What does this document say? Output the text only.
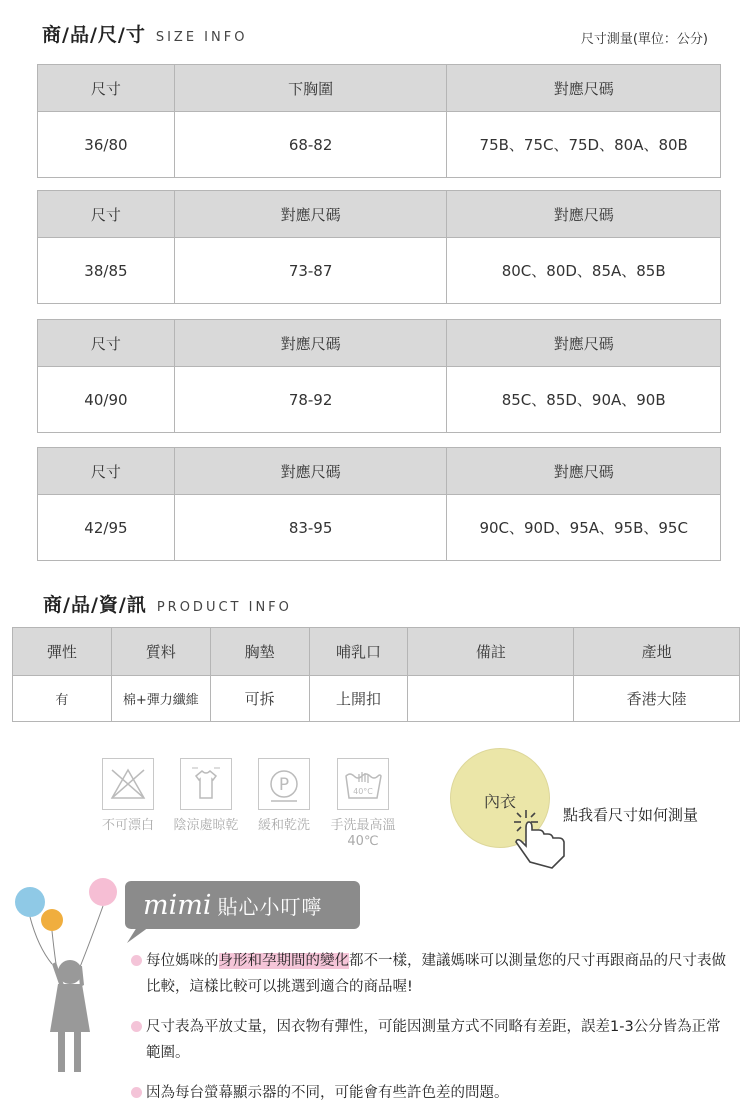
商/品/尺/寸 SIZE INFO	尺寸測量(單位：公分)
尺寸	下胸圍	對應尺碼
36/80	68-82	75B、75C、75D、80A、80B
尺寸	對應尺碼	對應尺碼
38/85	73-87	80C、80D、85A、85B
尺寸	對應尺碼	對應尺碼
40/90	78-92	85C、85D、90A、90B
尺寸	對應尺碼	對應尺碼
42/95	83-95	90C、90D、95A、95B、95C
商/品/資/訊 PRODUCT INFO
彈性	質料	胸墊	哺乳口	備註	產地
有	棉+彈力纖維	可拆	上開扣		香港大陸
不可漂白 陰涼處晾乾
P
緩和乾洗
40°C
手洗最高溫
40℃
內衣
點我看尺寸如何測量
mimi 貼心小叮嚀
每位媽咪的身形和孕期間的變化都不一樣，建議媽咪可以測量您的尺寸再跟商品的尺寸表做比較，這樣比較可以挑選到適合的商品喔!
尺寸表為平放丈量，因衣物有彈性，可能因測量方式不同略有差距，誤差1-3公分皆為正常範圍。
因為每台螢幕顯示器的不同，可能會有些許色差的問題。
